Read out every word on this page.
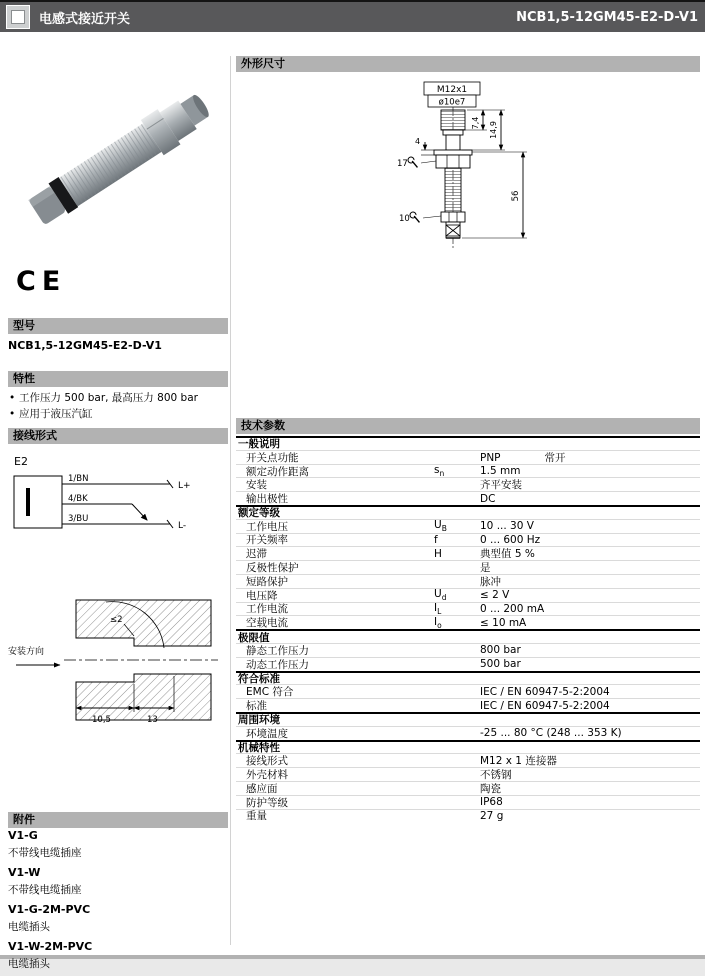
电感式接近开关	NCB1,5-12GM45-E2-D-V1
CE
型号
NCB1,5-12GM45-E2-D-V1
特性
• 工作压力 500 bar, 最高压力 800 bar
• 应用于液压汽缸
接线形式
E2
1/BN
L+
4/BK
3/BU
L-
安装方向
≤2
10,5	13
附件
V1-G
不带线电缆插座
V1-W
不带线电缆插座
V1-G-2M-PVC
电缆插头
V1-W-2M-PVC
电缆插头
外形尺寸
M12x1
ø10e7
7,4 14,9
56
4
17
10
技术参数
一般说明
开关点功能	PNP	常开
额定动作距离	$s_n$	1.5 mm
安装	齐平安装
输出极性	DC
额定等级
工作电压	$U_B$	10 ... 30 V
开关频率	f	0 ... 600 Hz
迟滞	H	典型值 5 %
反极性保护	是
短路保护	脉冲
电压降	$U_d$	≤ 2 V
工作电流	$I_L$	0 ... 200 mA
空载电流	$I_o$	≤ 10 mA
极限值
静态工作压力	800 bar
动态工作压力	500 bar
符合标准
EMC 符合	IEC / EN 60947-5-2:2004
标准	IEC / EN 60947-5-2:2004
周围环境
环境温度	-25 ... 80 °C (248 ... 353 K)
机械特性
接线形式	M12 x 1 连接器
外壳材料	不锈钢
感应面	陶瓷
防护等级	IP68
重量	27 g
